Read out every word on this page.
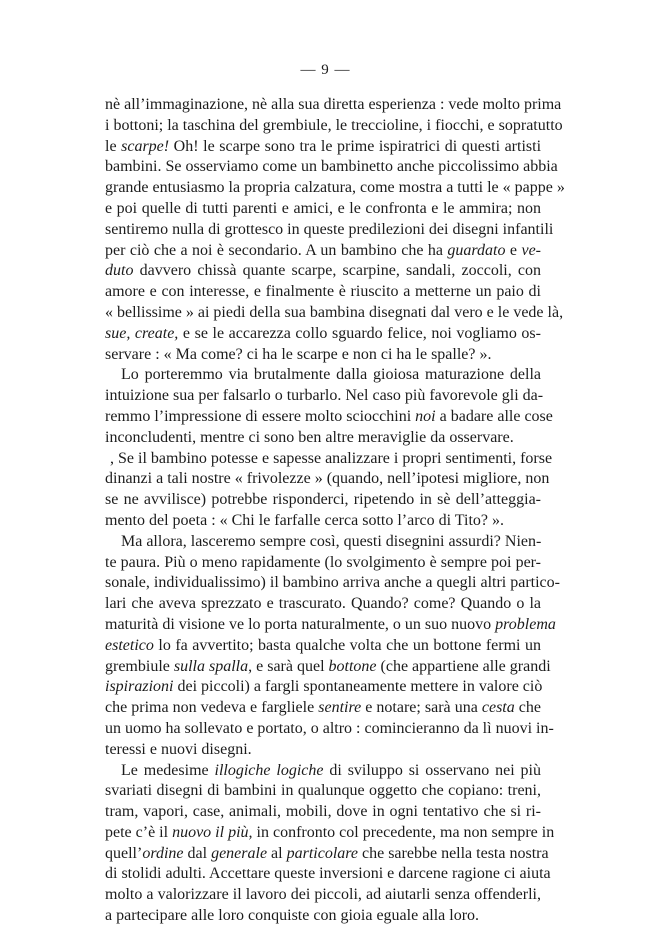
— 9 —
nè all’immaginazione, nè alla sua diretta esperienza : vede molto prima
i bottoni; la taschina del grembiule, le treccioline, i fiocchi, e sopratutto
le scarpe! Oh! le scarpe sono tra le prime ispiratrici di questi artisti
bambini. Se osserviamo come un bambinetto anche piccolissimo abbia
grande entusiasmo la propria calzatura, come mostra a tutti le « pappe »
e poi quelle di tutti parenti e amici, e le confronta e le ammira; non
sentiremo nulla di grottesco in queste predilezioni dei disegni infantili
per ciò che a noi è secondario. A un bambino che ha guardato e ve-
duto davvero chissà quante scarpe, scarpine, sandali, zoccoli, con
amore e con interesse, e finalmente è riuscito a metterne un paio di
« bellissime » ai piedi della sua bambina disegnati dal vero e le vede là,
sue, create, e se le accarezza collo sguardo felice, noi vogliamo os-
servare : « Ma come? ci ha le scarpe e non ci ha le spalle? ».
Lo porteremmo via brutalmente dalla gioiosa maturazione della
intuizione sua per falsarlo o turbarlo. Nel caso più favorevole gli da-
remmo l’impressione di essere molto sciocchini noi a badare alle cose
inconcludenti, mentre ci sono ben altre meraviglie da osservare.
, Se il bambino potesse e sapesse analizzare i propri sentimenti, forse
dinanzi a tali nostre « frivolezze » (quando, nell’ipotesi migliore, non
se ne avvilisce) potrebbe risponderci, ripetendo in sè dell’atteggia-
mento del poeta : « Chi le farfalle cerca sotto l’arco di Tito? ».
Ma allora, lasceremo sempre così, questi disegnini assurdi? Nien-
te paura. Più o meno rapidamente (lo svolgimento è sempre poi per-
sonale, individualissimo) il bambino arriva anche a quegli altri partico-
lari che aveva sprezzato e trascurato. Quando? come? Quando o la
maturità di visione ve lo porta naturalmente, o un suo nuovo problema
estetico lo fa avvertito; basta qualche volta che un bottone fermi un
grembiule sulla spalla, e sarà quel bottone (che appartiene alle grandi
ispirazioni dei piccoli) a fargli spontaneamente mettere in valore ciò
che prima non vedeva e fargliele sentire e notare; sarà una cesta che
un uomo ha sollevato e portato, o altro : comincieranno da lì nuovi in-
teressi e nuovi disegni.
Le medesime illogiche logiche di sviluppo si osservano nei più
svariati disegni di bambini in qualunque oggetto che copiano: treni,
tram, vapori, case, animali, mobili, dove in ogni tentativo che si ri-
pete c’è il nuovo il più, in confronto col precedente, ma non sempre in
quell’ordine dal generale al particolare che sarebbe nella testa nostra
di stolidi adulti. Accettare queste inversioni e darcene ragione ci aiuta
molto a valorizzare il lavoro dei piccoli, ad aiutarli senza offenderli,
a partecipare alle loro conquiste con gioia eguale alla loro.
